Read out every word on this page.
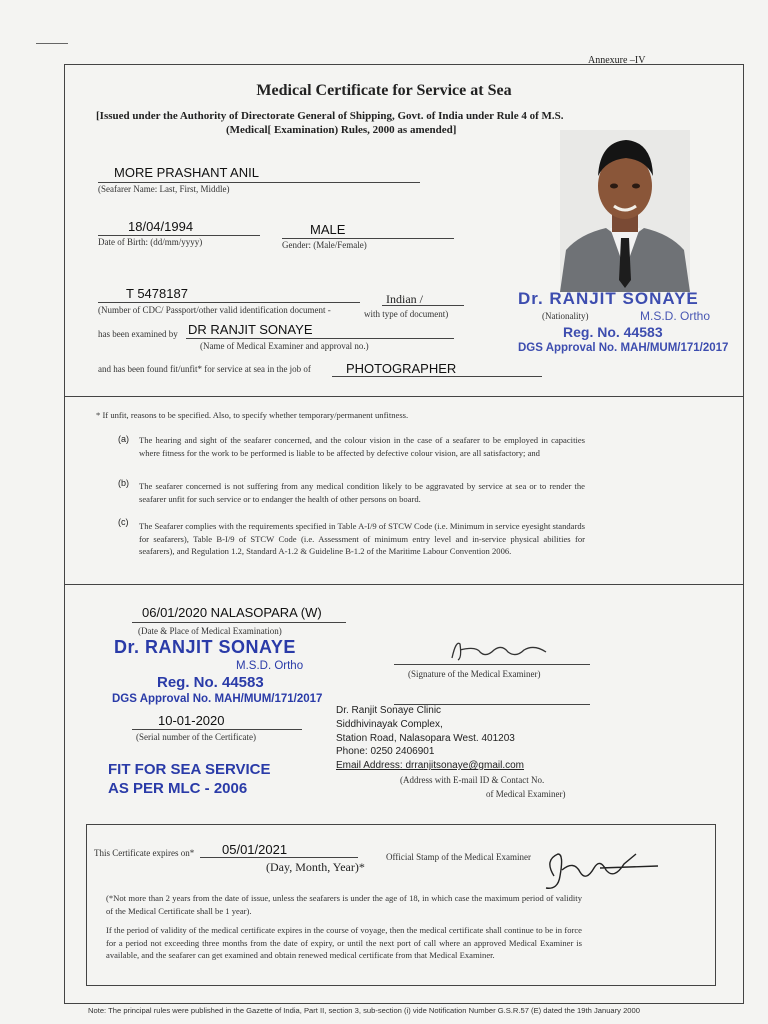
Annexure –IV
Medical Certificate for Service at Sea
[Issued under the Authority of Directorate General of Shipping, Govt. of India under Rule 4 of M.S.
(Medical[ Examination) Rules, 2000 as amended]
MORE PRASHANT ANIL
(Seafarer Name: Last, First, Middle)
18/04/1994
Date of Birth: (dd/mm/yyyy)
MALE
Gender: (Male/Female)
T 5478187
(Number of CDC/ Passport/other valid identification document -	with type of document)
Indian /
(Nationality)
Dr. RANJIT SONAYE
M.S.D. Ortho
Reg. No. 44583
DGS Approval No. MAH/MUM/171/2017
has been examined by DR RANJIT SONAYE
(Name of Medical Examiner and approval no.)
and has been found fit/unfit* for service at sea in the job of	PHOTOGRAPHER
* If unfit, reasons to be specified. Also, to specify whether temporary/permanent unfitness.
(a) The hearing and sight of the seafarer concerned, and the colour vision in the case of a seafarer to be employed in capacities where fitness for the work to be performed is liable to be affected by defective colour vision, are all satisfactory; and
(b) The seafarer concerned is not suffering from any medical condition likely to be aggravated by service at sea or to render the seafarer unfit for such service or to endanger the health of other persons on board.
(c) The Seafarer complies with the requirements specified in Table A-I/9 of STCW Code (i.e. Minimum in service eyesight standards for seafarers), Table B-I/9 of STCW Code (i.e. Assessment of minimum entry level and in-service physical abilities for seafarers), and Regulation 1.2, Standard A-1.2 & Guideline B-1.2 of the Maritime Labour Convention 2006.
06/01/2020 NALASOPARA (W)
(Date & Place of Medical Examination)
Dr. RANJIT SONAYE
M.S.D. Ortho
Reg. No. 44583
DGS Approval No. MAH/MUM/171/2017
(Signature of the Medical Examiner)
10-01-2020
(Serial number of the Certificate)
FIT FOR SEA SERVICE
AS PER MLC - 2006
Dr. Ranjit Sonaye Clinic
Siddhivinayak Complex,
Station Road, Nalasopara West. 401203
Phone: 0250 2406901
Email Address: drranjitsonaye@gmail.com
(Address with E-mail ID & Contact No.
of Medical Examiner)
This Certificate expires on* 05/01/2021
(Day, Month, Year)*
Official Stamp of the Medical Examiner
(*Not more than 2 years from the date of issue, unless the seafarers is under the age of 18, in which case the maximum period of validity of the Medical Certificate shall be 1 year).
If the period of validity of the medical certificate expires in the course of voyage, then the medical certificate shall continue to be in force for a period not exceeding three months from the date of expiry, or until the next port of call where an approved Medical Examiner is available, and the seafarer can get examined and obtain renewed medical certificate from that Medical Examiner.
Note: The principal rules were published in the Gazette of India, Part II, section 3, sub-section (i) vide Notification Number G.S.R.57 (E) dated the 19th January 2000
